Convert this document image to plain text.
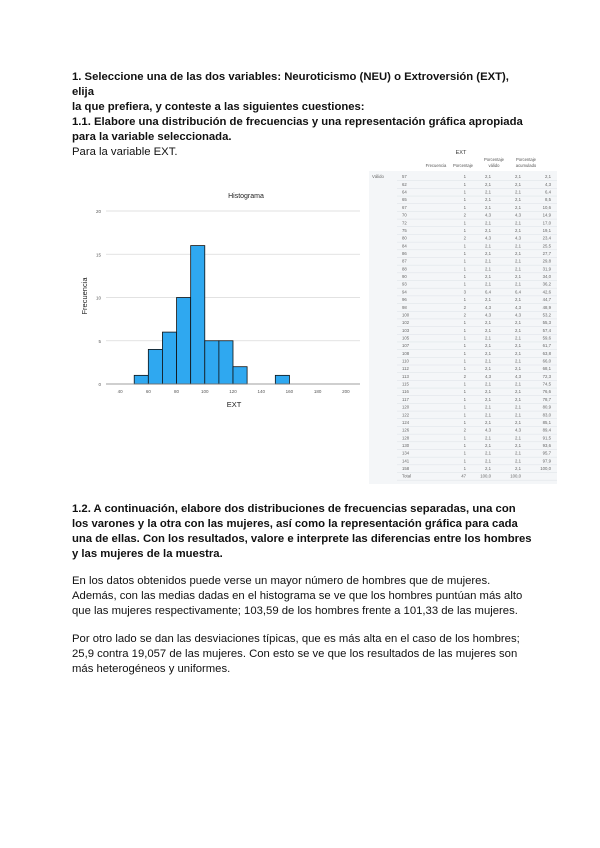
1. Seleccione una de las dos variables: Neuroticismo (NEU) o Extroversión (EXT), elija
la que prefiera, y conteste a las siguientes cuestiones:
1.1. Elabore una distribución de frecuencias y una representación gráfica apropiada
para la variable seleccionada.
Para la variable EXT.
Histograma
0
5
10
15
20
40	60	80	100	120	140	160	180	200
Frecuencia
EXT
EXT
Frecuencia Porcentaje
Porcentaje
válido
Porcentaje
acumulado
Válido	57	1	2,1	2,1	2,1
62	1	2,1	2,1	4,3
64	1	2,1	2,1	6,4
65	1	2,1	2,1	8,5
67	1	2,1	2,1	10,6
70	2	4,3	4,3	14,9
72	1	2,1	2,1	17,0
75	1	2,1	2,1	19,1
80	2	4,3	4,3	23,4
84	1	2,1	2,1	25,5
86	1	2,1	2,1	27,7
87	1	2,1	2,1	29,8
88	1	2,1	2,1	31,9
90	1	2,1	2,1	34,0
93	1	2,1	2,1	36,2
94	3	6,4	6,4	42,6
96	1	2,1	2,1	44,7
98	2	4,3	4,3	48,9
100	2	4,3	4,3	53,2
102	1	2,1	2,1	55,3
103	1	2,1	2,1	57,4
105	1	2,1	2,1	59,6
107	1	2,1	2,1	61,7
108	1	2,1	2,1	63,8
110	1	2,1	2,1	66,0
112	1	2,1	2,1	68,1
113	2	4,3	4,3	72,3
115	1	2,1	2,1	74,5
116	1	2,1	2,1	76,6
117	1	2,1	2,1	78,7
120	1	2,1	2,1	80,9
122	1	2,1	2,1	83,0
124	1	2,1	2,1	85,1
126	2	4,3	4,3	89,4
128	1	2,1	2,1	91,5
130	1	2,1	2,1	93,6
134	1	2,1	2,1	95,7
141	1	2,1	2,1	97,9
158	1	2,1	2,1	100,0
Total	47	100,0	100,0
1.2. A continuación, elabore dos distribuciones de frecuencias separadas, una con
los varones y la otra con las mujeres, así como la representación gráfica para cada
una de ellas. Con los resultados, valore e interprete las diferencias entre los hombres
y las mujeres de la muestra.
En los datos obtenidos puede verse un mayor número de hombres que de mujeres.
Además, con las medias dadas en el histograma se ve que los hombres puntúan más alto
que las mujeres respectivamente; 103,59 de los hombres frente a 101,33 de las mujeres.
Por otro lado se dan las desviaciones típicas, que es más alta en el caso de los hombres;
25,9 contra 19,057 de las mujeres. Con esto se ve que los resultados de las mujeres son
más heterogéneos y uniformes.
